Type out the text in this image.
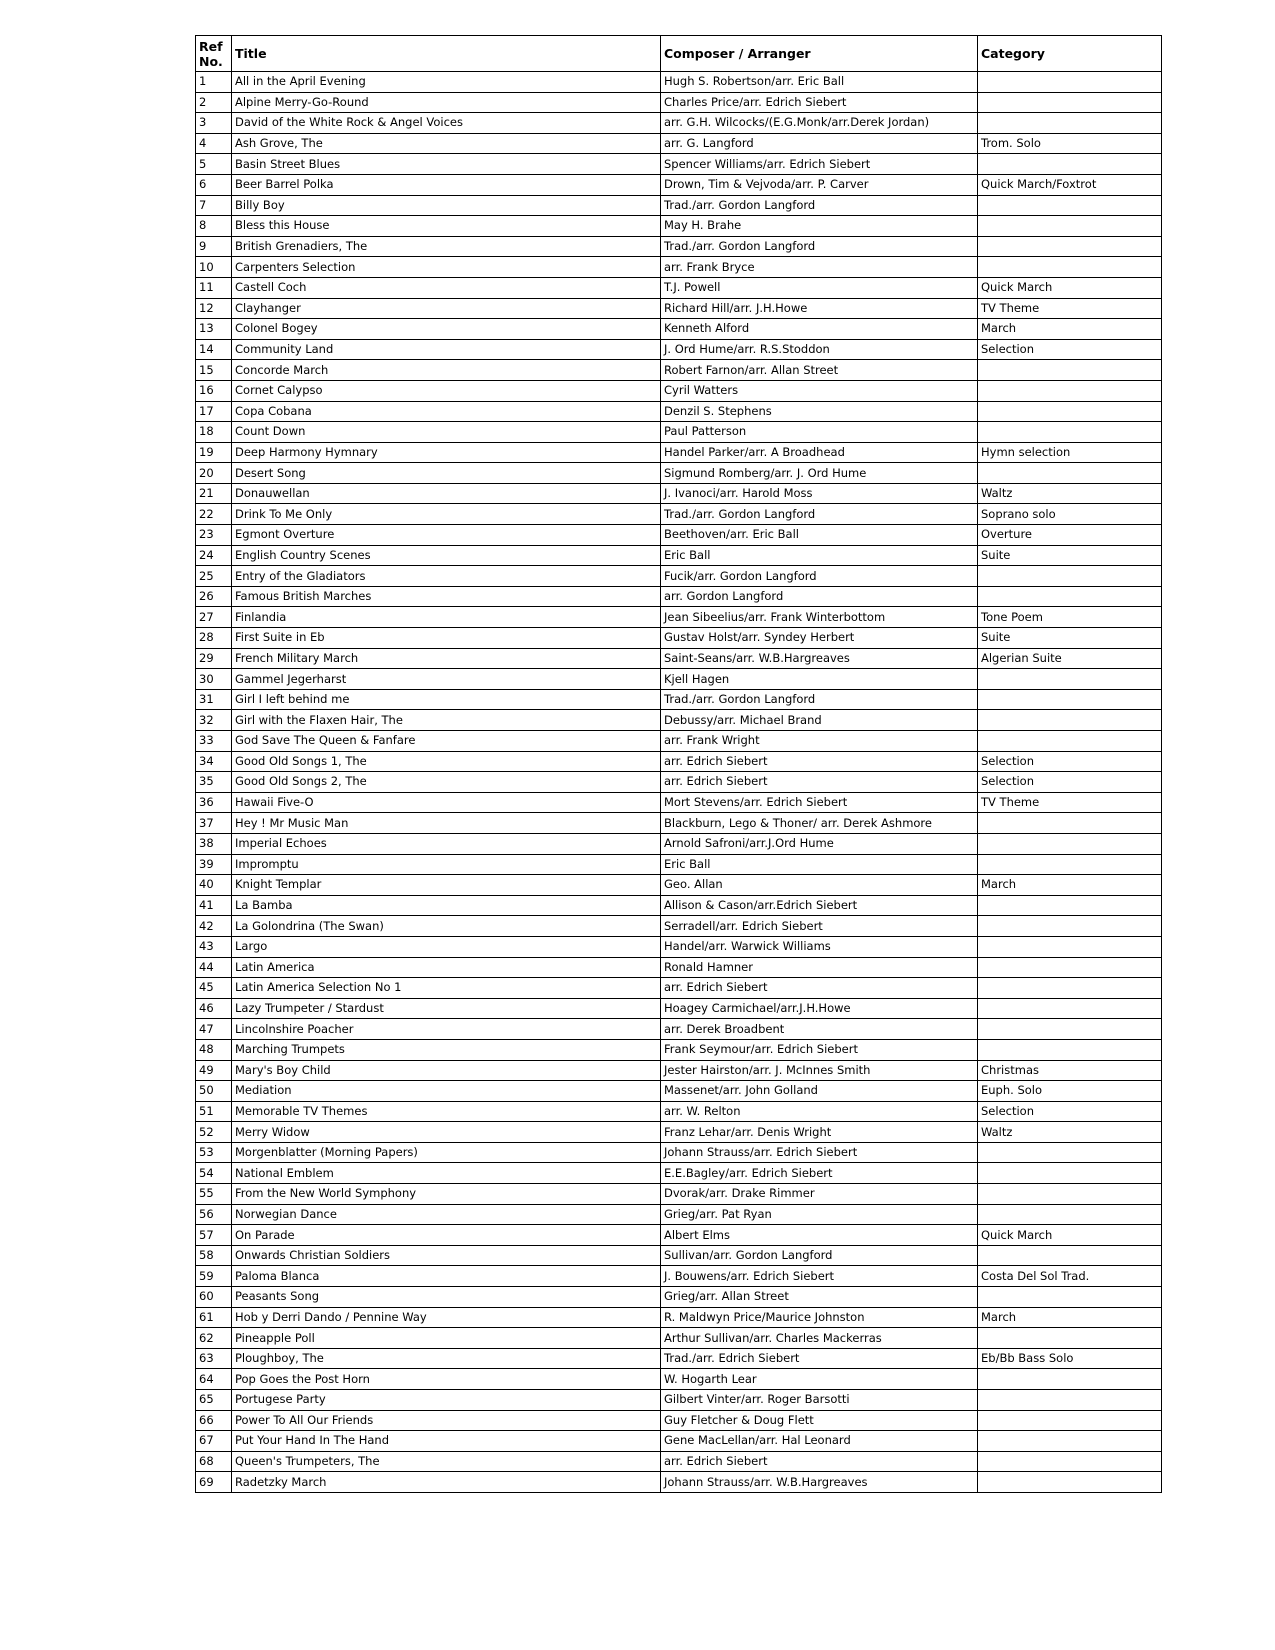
Ref
No.	Title	Composer / Arranger	Category
1	All in the April Evening	Hugh S. Robertson/arr. Eric Ball	
2	Alpine Merry-Go-Round	Charles Price/arr. Edrich Siebert	
3	David of the White Rock & Angel Voices	arr. G.H. Wilcocks/(E.G.Monk/arr.Derek Jordan)	
4	Ash Grove, The	arr. G. Langford	Trom. Solo
5	Basin Street Blues	Spencer Williams/arr. Edrich Siebert	
6	Beer Barrel Polka	Drown, Tim & Vejvoda/arr. P. Carver	Quick March/Foxtrot
7	Billy Boy	Trad./arr. Gordon Langford	
8	Bless this House	May H. Brahe	
9	British Grenadiers, The	Trad./arr. Gordon Langford	
10	Carpenters Selection	arr. Frank Bryce	
11	Castell Coch	T.J. Powell	Quick March
12	Clayhanger	Richard Hill/arr. J.H.Howe	TV Theme
13	Colonel Bogey	Kenneth Alford	March
14	Community Land	J. Ord Hume/arr. R.S.Stoddon	Selection
15	Concorde March	Robert Farnon/arr. Allan Street	
16	Cornet Calypso	Cyril Watters	
17	Copa Cobana	Denzil S. Stephens	
18	Count Down	Paul Patterson	
19	Deep Harmony Hymnary	Handel Parker/arr. A Broadhead	Hymn selection
20	Desert Song	Sigmund Romberg/arr. J. Ord Hume	
21	Donauwellan	J. Ivanoci/arr. Harold Moss	Waltz
22	Drink To Me Only	Trad./arr. Gordon Langford	Soprano solo
23	Egmont Overture	Beethoven/arr. Eric Ball	Overture
24	English Country Scenes	Eric Ball	Suite
25	Entry of the Gladiators	Fucik/arr. Gordon Langford	
26	Famous British Marches	arr. Gordon Langford	
27	Finlandia	Jean Sibeelius/arr. Frank Winterbottom	Tone Poem
28	First Suite in Eb	Gustav Holst/arr. Syndey Herbert	Suite
29	French Military March	Saint-Seans/arr. W.B.Hargreaves	Algerian Suite
30	Gammel Jegerharst	Kjell Hagen	
31	Girl I left behind me	Trad./arr. Gordon Langford	
32	Girl with the Flaxen Hair, The	Debussy/arr. Michael Brand	
33	God Save The Queen & Fanfare	arr. Frank Wright	
34	Good Old Songs 1, The	arr. Edrich Siebert	Selection
35	Good Old Songs 2, The	arr. Edrich Siebert	Selection
36	Hawaii Five-O	Mort Stevens/arr. Edrich Siebert	TV Theme
37	Hey ! Mr Music Man	Blackburn, Lego & Thoner/ arr. Derek Ashmore	
38	Imperial Echoes	Arnold Safroni/arr.J.Ord Hume	
39	Impromptu	Eric Ball	
40	Knight Templar	Geo. Allan	March
41	La Bamba	Allison & Cason/arr.Edrich Siebert	
42	La Golondrina (The Swan)	Serradell/arr. Edrich Siebert	
43	Largo	Handel/arr. Warwick Williams	
44	Latin America	Ronald Hamner	
45	Latin America Selection No 1	arr. Edrich Siebert	
46	Lazy Trumpeter / Stardust	Hoagey Carmichael/arr.J.H.Howe	
47	Lincolnshire Poacher	arr. Derek Broadbent	
48	Marching Trumpets	Frank Seymour/arr. Edrich Siebert	
49	Mary's Boy Child	Jester Hairston/arr. J. McInnes Smith	Christmas
50	Mediation	Massenet/arr. John Golland	Euph. Solo
51	Memorable TV Themes	arr. W. Relton	Selection
52	Merry Widow	Franz Lehar/arr. Denis Wright	Waltz
53	Morgenblatter (Morning Papers)	Johann Strauss/arr. Edrich Siebert	
54	National Emblem	E.E.Bagley/arr. Edrich Siebert	
55	From the New World Symphony	Dvorak/arr. Drake Rimmer	
56	Norwegian Dance	Grieg/arr. Pat Ryan	
57	On Parade	Albert Elms	Quick March
58	Onwards Christian Soldiers	Sullivan/arr. Gordon Langford	
59	Paloma Blanca	J. Bouwens/arr. Edrich Siebert	Costa Del Sol Trad.
60	Peasants Song	Grieg/arr. Allan Street	
61	Hob y Derri Dando / Pennine Way	R. Maldwyn Price/Maurice Johnston	March
62	Pineapple Poll	Arthur Sullivan/arr. Charles Mackerras	
63	Ploughboy, The	Trad./arr. Edrich Siebert	Eb/Bb Bass Solo
64	Pop Goes the Post Horn	W. Hogarth Lear	
65	Portugese Party	Gilbert Vinter/arr. Roger Barsotti	
66	Power To All Our Friends	Guy Fletcher & Doug Flett	
67	Put Your Hand In The Hand	Gene MacLellan/arr. Hal Leonard	
68	Queen's Trumpeters, The	arr. Edrich Siebert	
69	Radetzky March	Johann Strauss/arr. W.B.Hargreaves	
